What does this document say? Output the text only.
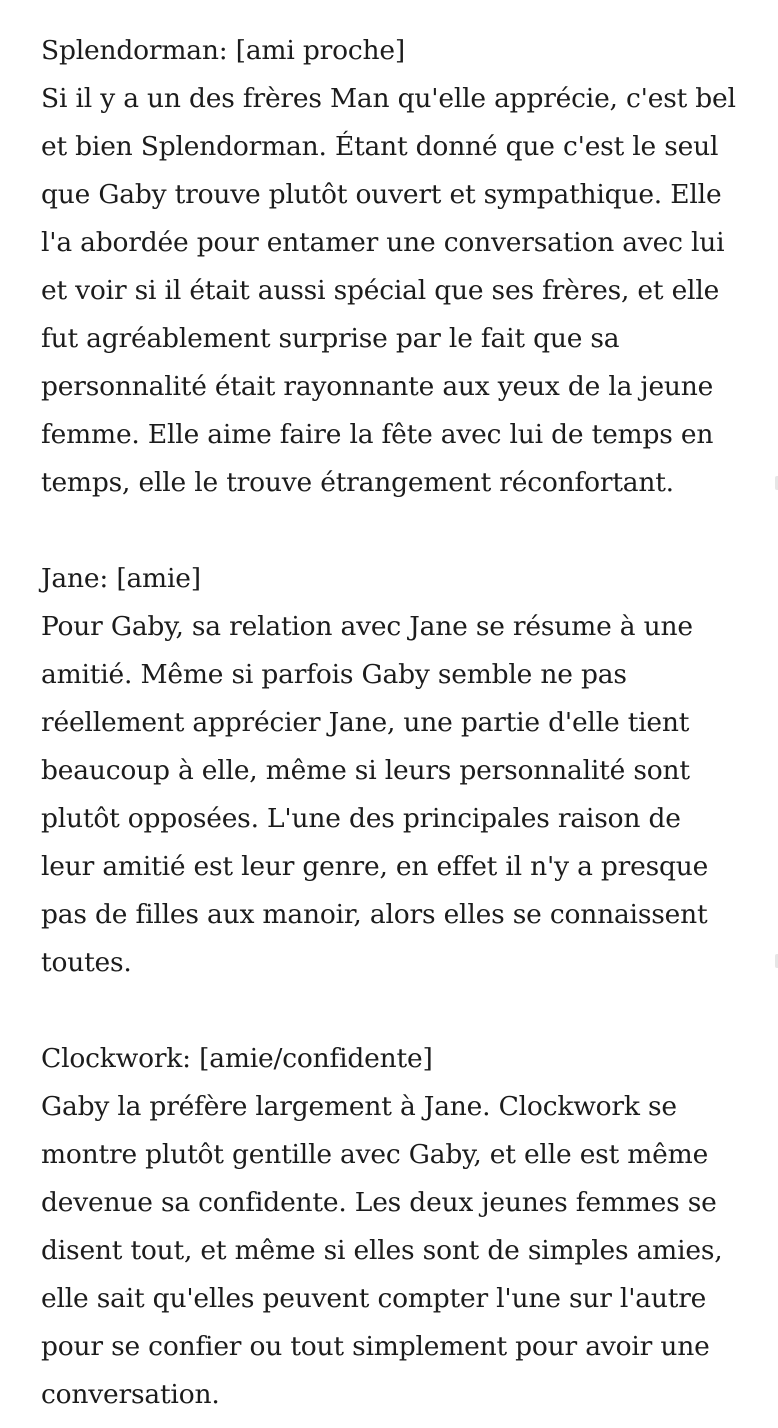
Splendorman: [ami proche]
Si il y a un des frères Man qu'elle apprécie, c'est bel
et bien Splendorman. Étant donné que c'est le seul
que Gaby trouve plutôt ouvert et sympathique. Elle
l'a abordée pour entamer une conversation avec lui
et voir si il était aussi spécial que ses frères, et elle
fut agréablement surprise par le fait que sa
personnalité était rayonnante aux yeux de la jeune
femme. Elle aime faire la fête avec lui de temps en
temps, elle le trouve étrangement réconfortant.
Jane: [amie]
Pour Gaby, sa relation avec Jane se résume à une
amitié. Même si parfois Gaby semble ne pas
réellement apprécier Jane, une partie d'elle tient
beaucoup à elle, même si leurs personnalité sont
plutôt opposées. L'une des principales raison de
leur amitié est leur genre, en effet il n'y a presque
pas de filles aux manoir, alors elles se connaissent
toutes.
Clockwork: [amie/confidente]
Gaby la préfère largement à Jane. Clockwork se
montre plutôt gentille avec Gaby, et elle est même
devenue sa confidente. Les deux jeunes femmes se
disent tout, et même si elles sont de simples amies,
elle sait qu'elles peuvent compter l'une sur l'autre
pour se confier ou tout simplement pour avoir une
conversation.
